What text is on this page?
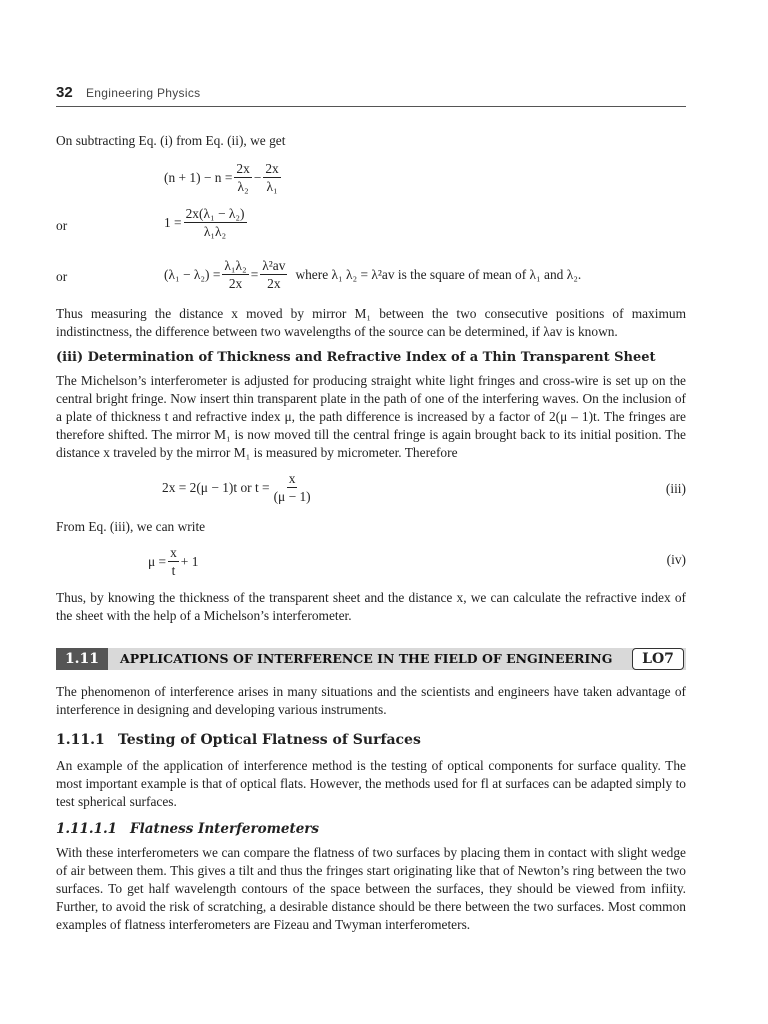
32 Engineering Physics
On subtracting Eq. (i) from Eq. (ii), we get
$(n + 1) - n = \frac{2x}{\text{λ₂}} - \frac{2x}{\text{λ₁}}$
or	$1 = \frac{\text{2x(λ₁ − λ₂)}}{\text{λ₁λ₂}}$
or	$(\lambda_1 - \lambda_2) = \frac{\text{λ₁λ₂}}{2x} = \frac{\text{λ²av}}{2x}$ where λ₁ λ₂ = λ²av is the square of mean of λ₁ and λ₂.
Thus measuring the distance x moved by mirror M₁ between the two consecutive positions of maximum indistinctness, the difference between two wavelengths of the source can be determined, if λav is known.
(iii) Determination of Thickness and Refractive Index of a Thin Transparent Sheet
The Michelson’s interferometer is adjusted for producing straight white light fringes and cross-wire is set up on the central bright fringe. Now insert thin transparent plate in the path of one of the interfering waves. On the inclusion of a plate of thickness t and refractive index μ, the path difference is increased by a factor of 2(μ – 1)t. The fringes are therefore shifted. The mirror M₁ is now moved till the central fringe is again brought back to its initial position. The distance x traveled by the mirror M₁ is measured by micrometer. Therefore
2x = 2(μ − 1)t or $t = \frac{x}{(\mu - 1)}$	(iii)
From Eq. (iii), we can write
$\mu = \frac{x}{t} + 1$	(iv)
Thus, by knowing the thickness of the transparent sheet and the distance x, we can calculate the refractive index of the sheet with the help of a Michelson’s interferometer.
1.11	APPLICATIONS OF INTERFERENCE IN THE FIELD OF ENGINEERING	LO7
The phenomenon of interference arises in many situations and the scientists and engineers have taken advantage of interference in designing and developing various instruments.
1.11.1 Testing of Optical Flatness of Surfaces
An example of the application of interference method is the testing of optical components for surface quality. The most important example is that of optical flats. However, the methods used for fl at surfaces can be adapted simply to test spherical surfaces.
1.11.1.1 Flatness Interferometers
With these interferometers we can compare the flatness of two surfaces by placing them in contact with slight wedge of air between them. This gives a tilt and thus the fringes start originating like that of Newton’s ring between the two surfaces. To get half wavelength contours of the space between the surfaces, they should be viewed from infiity. Further, to avoid the risk of scratching, a desirable distance should be there between the two surfaces. Most common examples of flatness interferometers are Fizeau and Twyman interferometers.
